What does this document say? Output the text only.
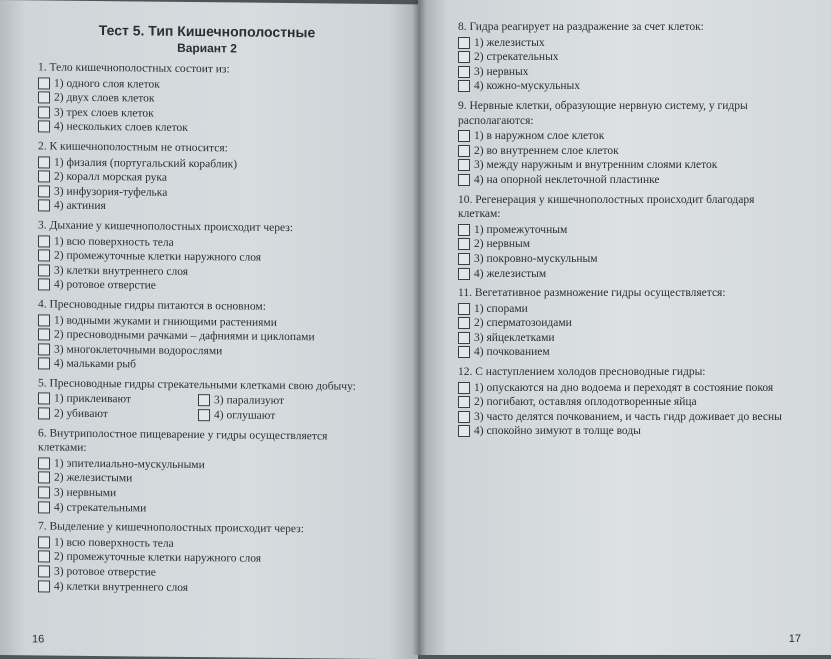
Тест 5. Тип Кишечнополостные
Вариант 2
1. Тело кишечнополостных состоит из:
1) одного слоя клеток
2) двух слоев клеток
3) трех слоев клеток
4) нескольких слоев клеток
2. К кишечнополостным не относится:
1) физалия (португальский кораблик)
2) коралл морская рука
3) инфузория-туфелька
4) актиния
3. Дыхание у кишечнополостных происходит через:
1) всю поверхность тела
2) промежуточные клетки наружного слоя
3) клетки внутреннего слоя
4) ротовое отверстие
4. Пресноводные гидры питаются в основном:
1) водными жуками и гниющими растениями
2) пресноводными рачками – дафниями и циклопами
3) многоклеточными водорослями
4) мальками рыб
5. Пресноводные гидры стрекательными клетками свою добычу:
1) приклеивают	3) парализуют
2) убивают	4) оглушают
6. Внутриполостное пищеварение у гидры осуществляется клетками:
1) эпителиально-мускульными
2) железистыми
3) нервными
4) стрекательными
7. Выделение у кишечнополостных происходит через:
1) всю поверхность тела
2) промежуточные клетки наружного слоя
3) ротовое отверстие
4) клетки внутреннего слоя
16
8. Гидра реагирует на раздражение за счет клеток:
1) железистых
2) стрекательных
3) нервных
4) кожно-мускульных
9. Нервные клетки, образующие нервную систему, у гидры располагаются:
1) в наружном слое клеток
2) во внутреннем слое клеток
3) между наружным и внутренним слоями клеток
4) на опорной неклеточной пластинке
10. Регенерация у кишечнополостных происходит благодаря клеткам:
1) промежуточным
2) нервным
3) покровно-мускульным
4) железистым
11. Вегетативное размножение гидры осуществляется:
1) спорами
2) сперматозоидами
3) яйцеклетками
4) почкованием
12. С наступлением холодов пресноводные гидры:
1) опускаются на дно водоема и переходят в состояние покоя
2) погибают, оставляя оплодотворенные яйца
3) часто делятся почкованием, и часть гидр доживает до весны
4) спокойно зимуют в толще воды
17
